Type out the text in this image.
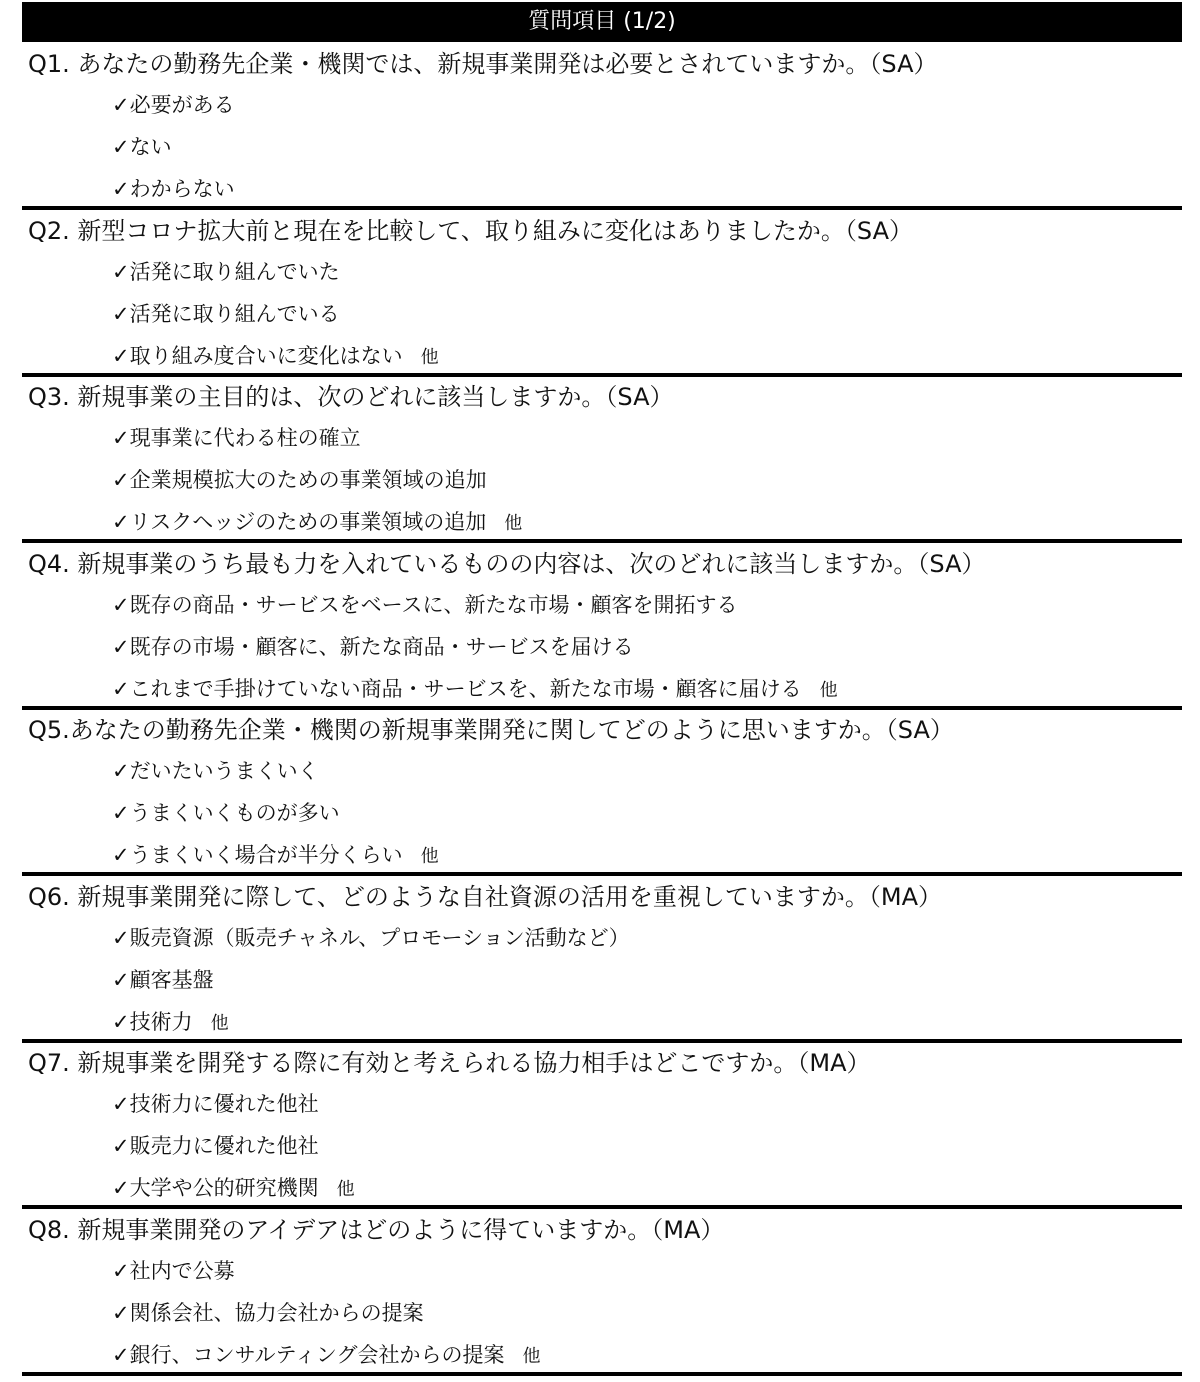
質問項目 (1/2)
Q1. あなたの勤務先企業・機関では、新規事業開発は必要とされていますか。（SA）
✓必要がある
✓ない
✓わからない
Q2. 新型コロナ拡大前と現在を比較して、取り組みに変化はありましたか。（SA）
✓活発に取り組んでいた
✓活発に取り組んでいる
✓取り組み度合いに変化はない 他
Q3. 新規事業の主目的は、次のどれに該当しますか。（SA）
✓現事業に代わる柱の確立
✓企業規模拡大のための事業領域の追加
✓リスクヘッジのための事業領域の追加 他
Q4. 新規事業のうち最も力を入れているものの内容は、次のどれに該当しますか。（SA）
✓既存の商品・サービスをベースに、新たな市場・顧客を開拓する
✓既存の市場・顧客に、新たな商品・サービスを届ける
✓これまで手掛けていない商品・サービスを、新たな市場・顧客に届ける 他
Q5.あなたの勤務先企業・機関の新規事業開発に関してどのように思いますか。（SA）
✓だいたいうまくいく
✓うまくいくものが多い
✓うまくいく場合が半分くらい 他
Q6. 新規事業開発に際して、どのような自社資源の活用を重視していますか。（MA）
✓販売資源（販売チャネル、プロモーション活動など）
✓顧客基盤
✓技術力 他
Q7. 新規事業を開発する際に有効と考えられる協力相手はどこですか。（MA）
✓技術力に優れた他社
✓販売力に優れた他社
✓大学や公的研究機関 他
Q8. 新規事業開発のアイデアはどのように得ていますか。（MA）
✓社内で公募
✓関係会社、協力会社からの提案
✓銀行、コンサルティング会社からの提案 他
